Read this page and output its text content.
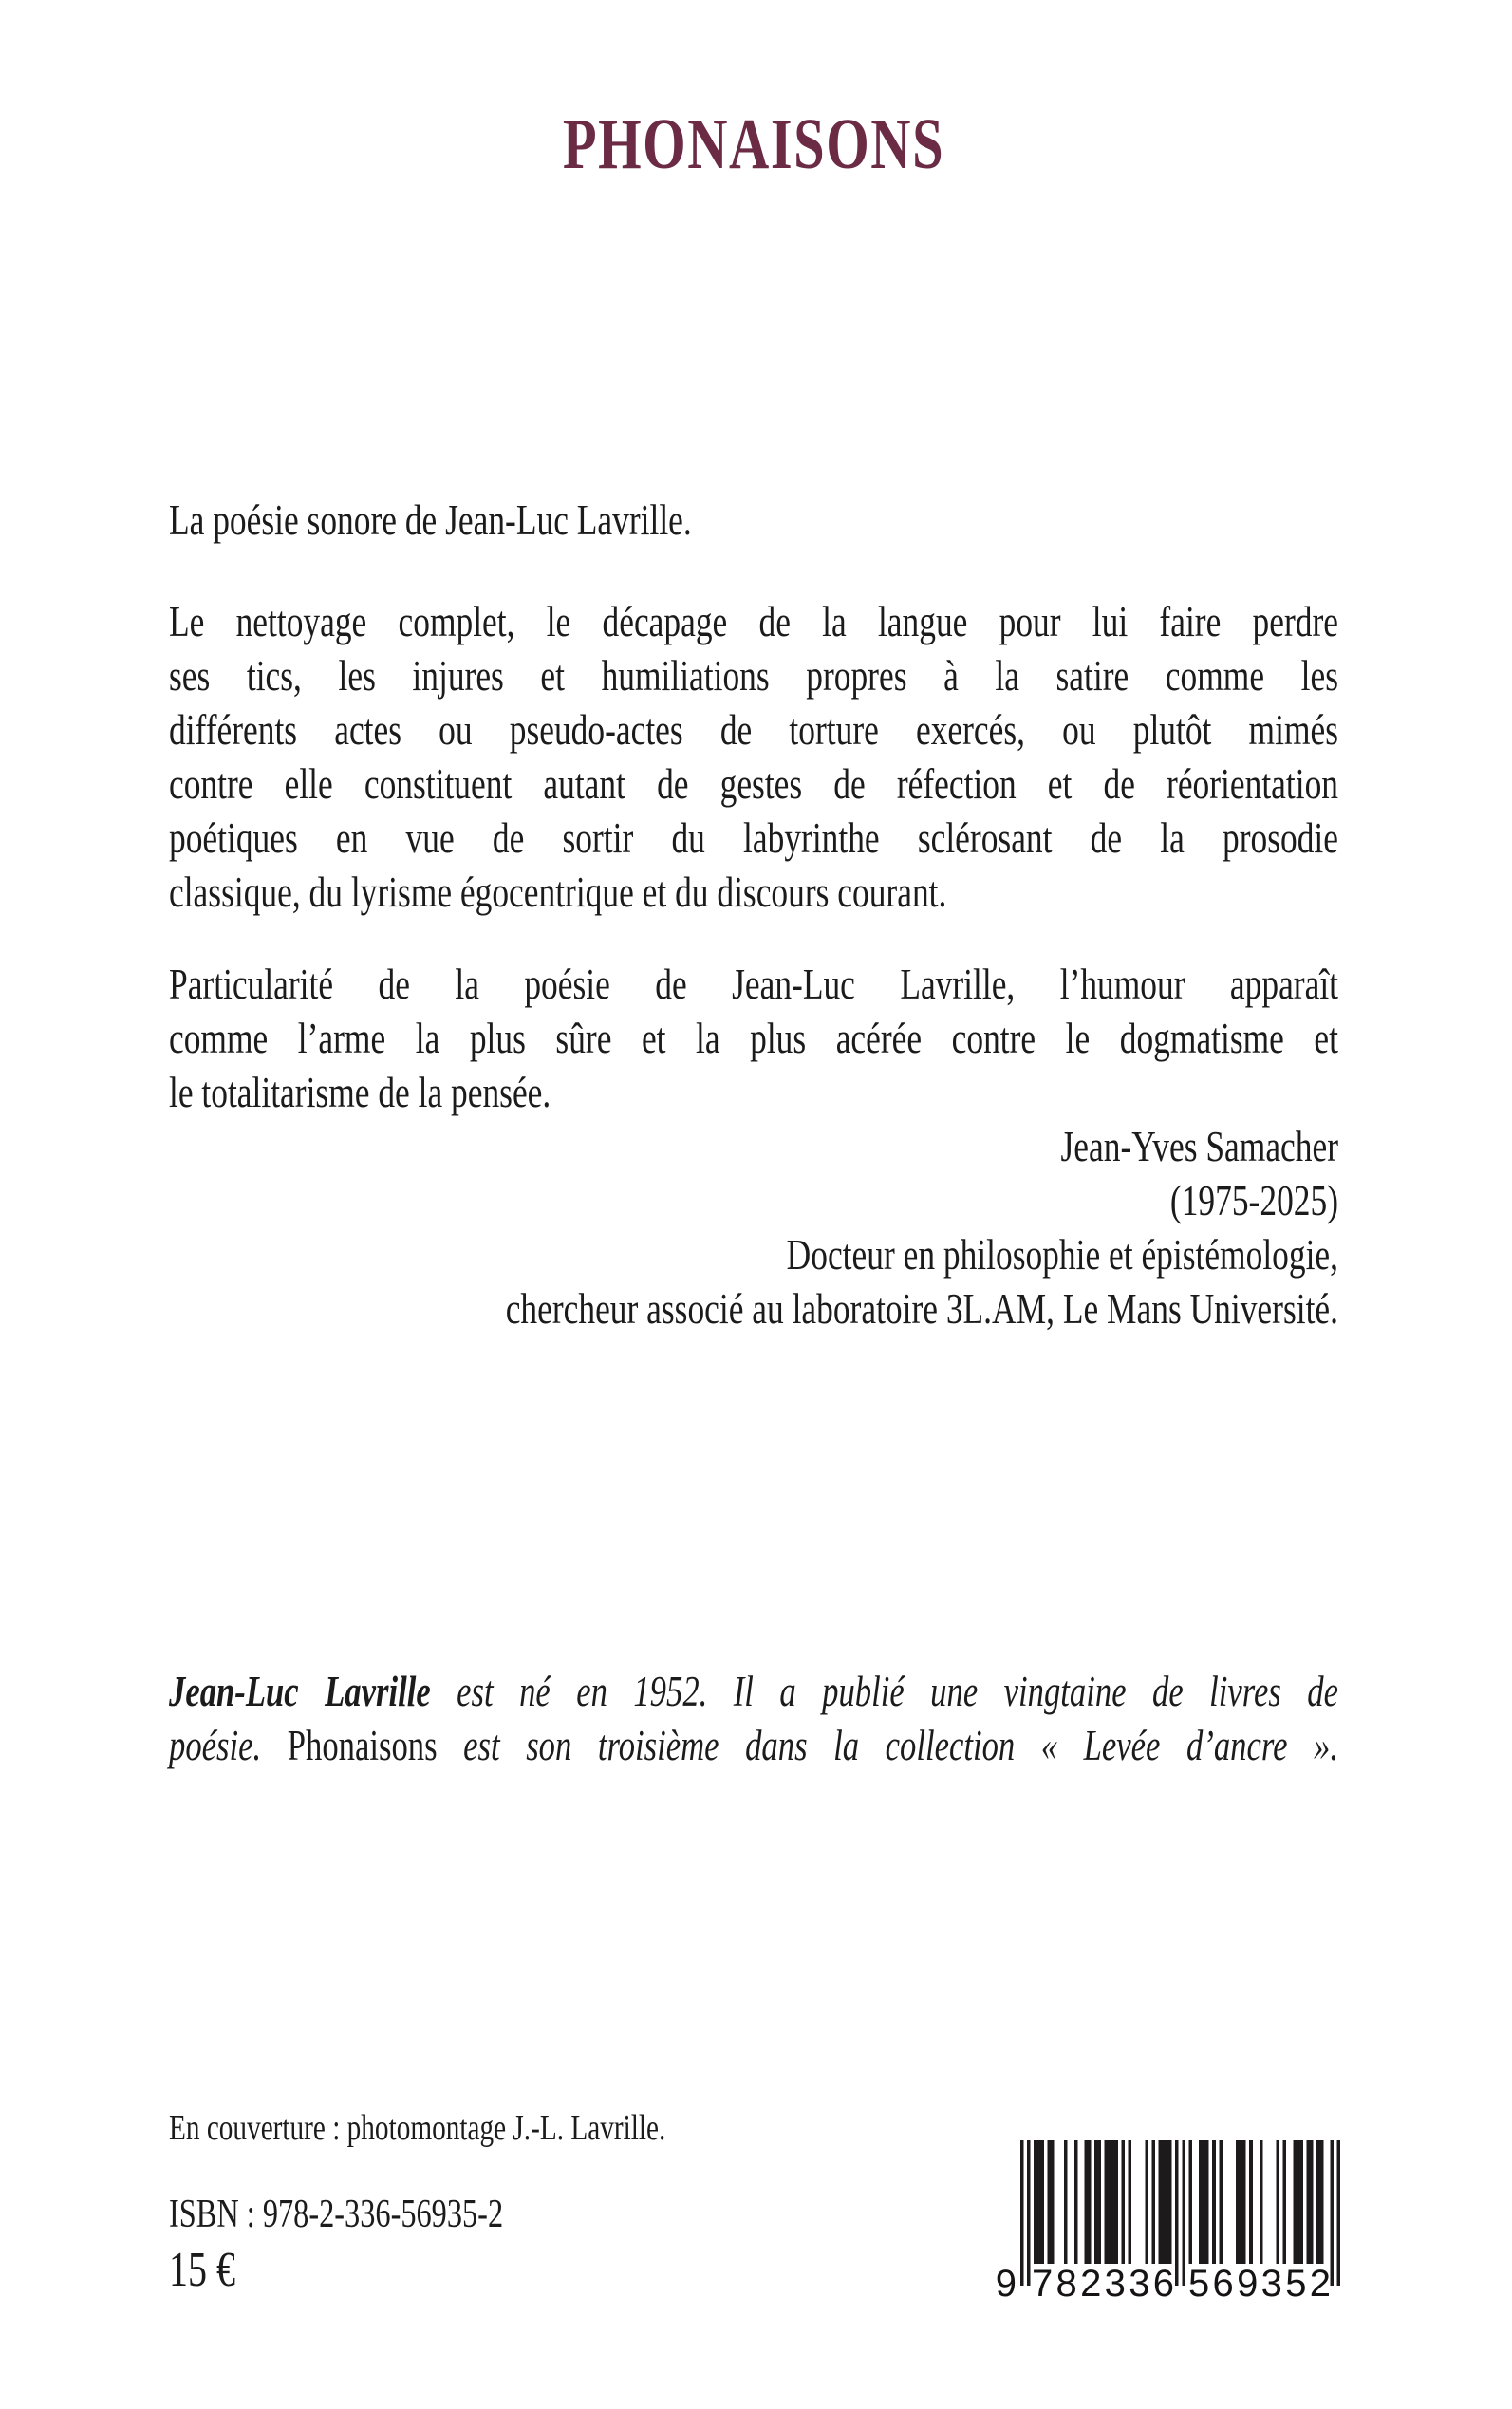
PHONAISONS

La poésie sonore de Jean-Luc Lavrille.

Le nettoyage complet, le décapage de la langue pour lui faire perdre
ses tics, les injures et humiliations propres à la satire comme les
différents actes ou pseudo-actes de torture exercés, ou plutôt mimés
contre elle constituent autant de gestes de réfection et de réorientation
poétiques en vue de sortir du labyrinthe sclérosant de la prosodie
classique, du lyrisme égocentrique et du discours courant.
Particularité de la poésie de Jean-Luc Lavrille, l’humour apparaît
comme l’arme la plus sûre et la plus acérée contre le dogmatisme et
le totalitarisme de la pensée.
Jean-Yves Samacher
(1975-2025)
Docteur en philosophie et épistémologie,
chercheur associé au laboratoire 3L.AM, Le Mans Université.
Jean-Luc Lavrille est né en 1952. Il a publié une vingtaine de livres de
poésie. Phonaisons est son troisième dans la collection « Levée d’ancre ».

En couverture : photomontage J.-L. Lavrille.

ISBN : 978-2-336-56935-2

15 €	9 7 8 2 3 3 6 5 6 9 3 5 2
